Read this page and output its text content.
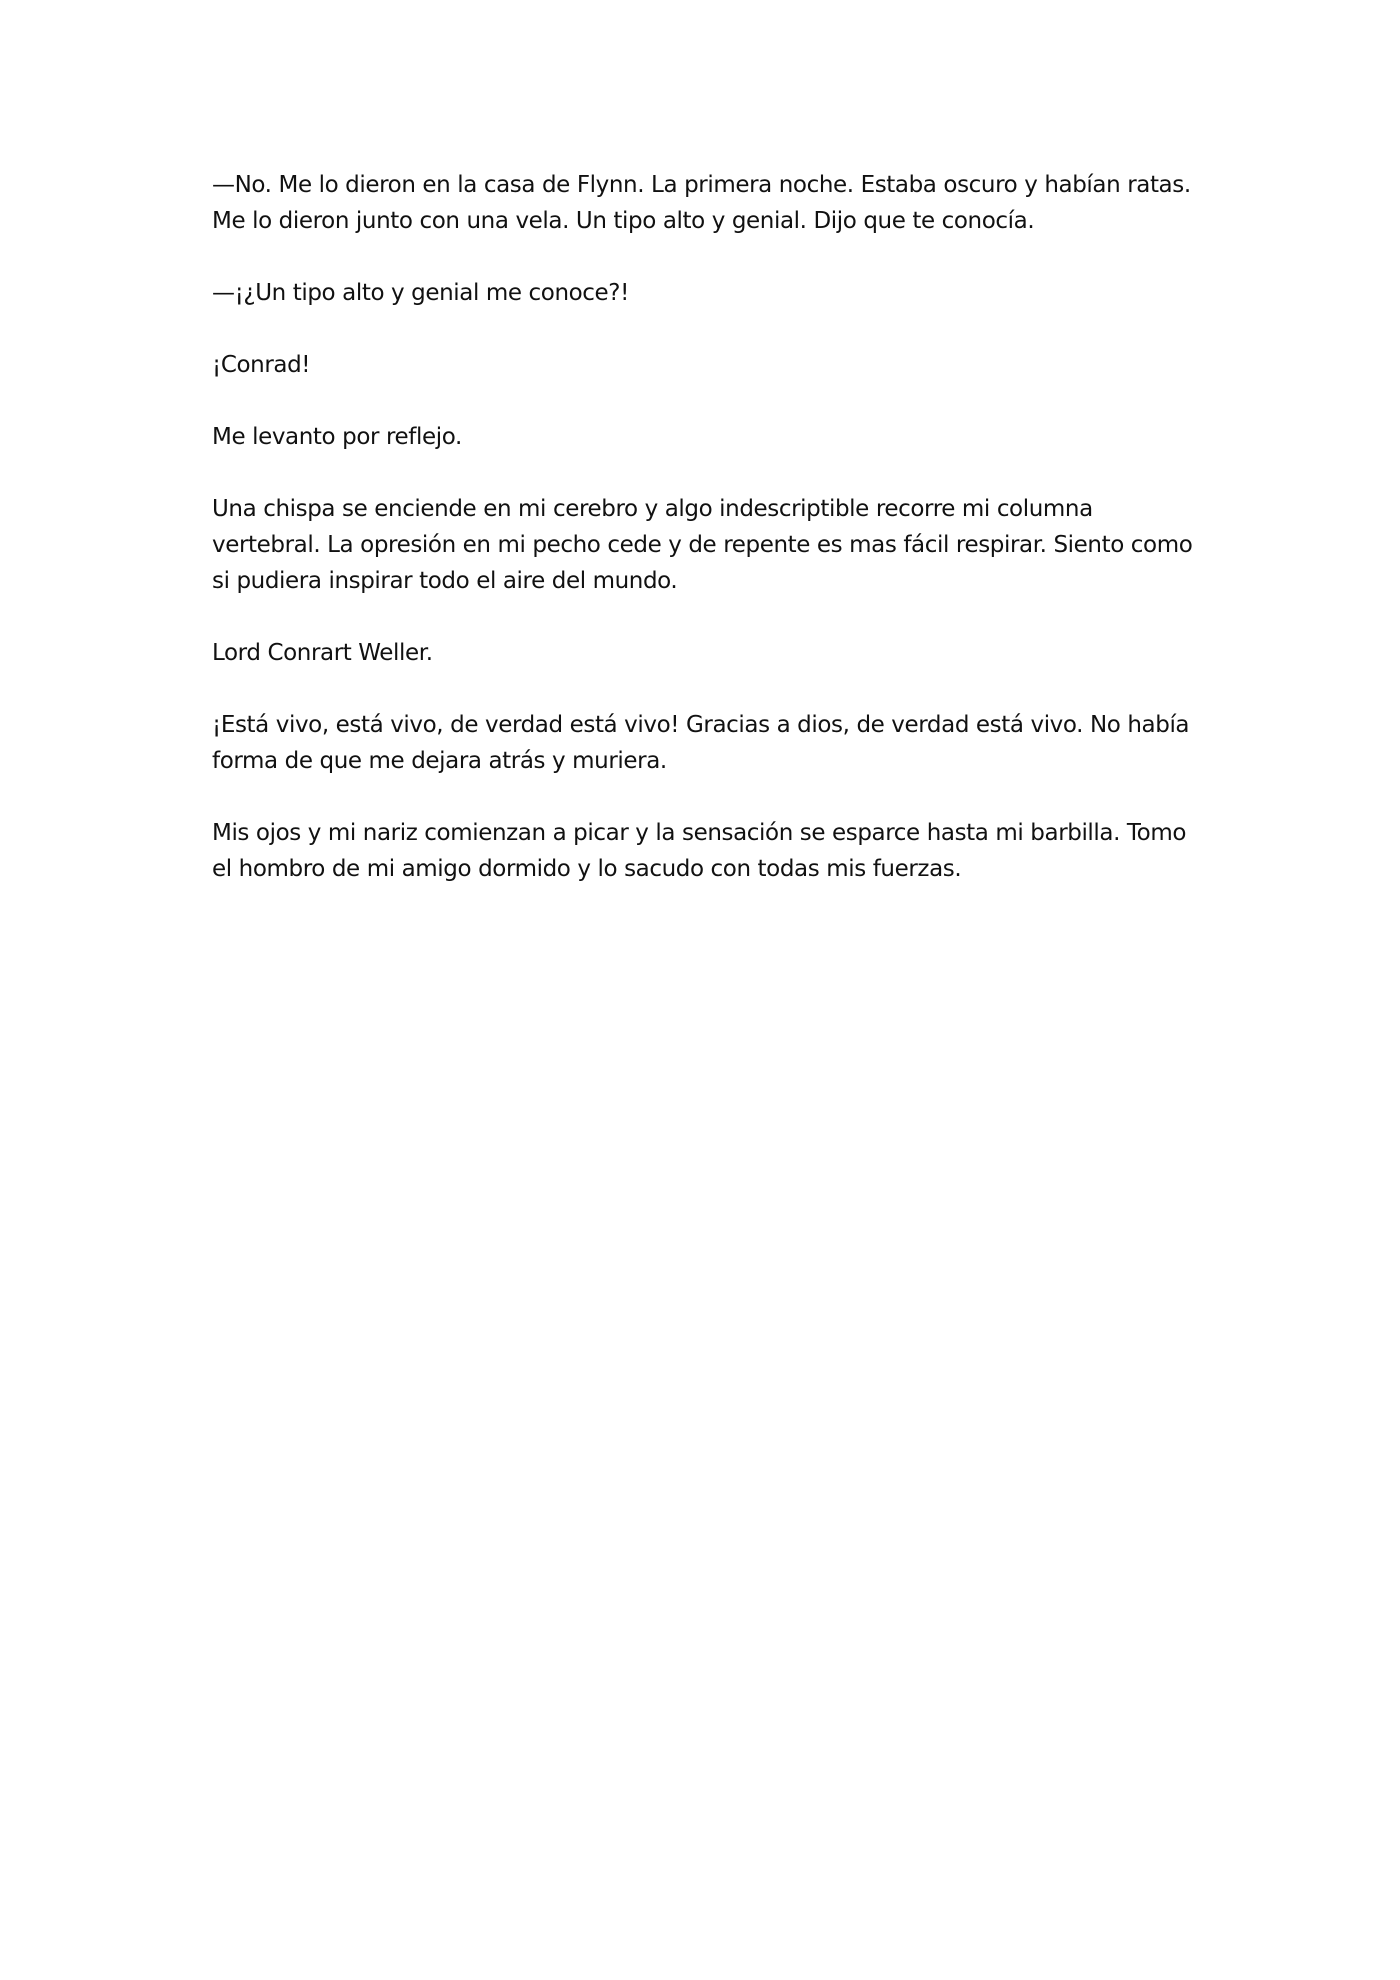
—No. Me lo dieron en la casa de Flynn. La primera noche. Estaba oscuro y habían ratas. Me lo dieron junto con una vela. Un tipo alto y genial. Dijo que te conocía.

—¡¿Un tipo alto y genial me conoce?!

¡Conrad!

Me levanto por reflejo.

Una chispa se enciende en mi cerebro y algo indescriptible recorre mi columna vertebral. La opresión en mi pecho cede y de repente es mas fácil respirar. Siento como si pudiera inspirar todo el aire del mundo.

Lord Conrart Weller.

¡Está vivo, está vivo, de verdad está vivo! Gracias a dios, de verdad está vivo. No había forma de que me dejara atrás y muriera.

Mis ojos y mi nariz comienzan a picar y la sensación se esparce hasta mi barbilla. Tomo el hombro de mi amigo dormido y lo sacudo con todas mis fuerzas.
